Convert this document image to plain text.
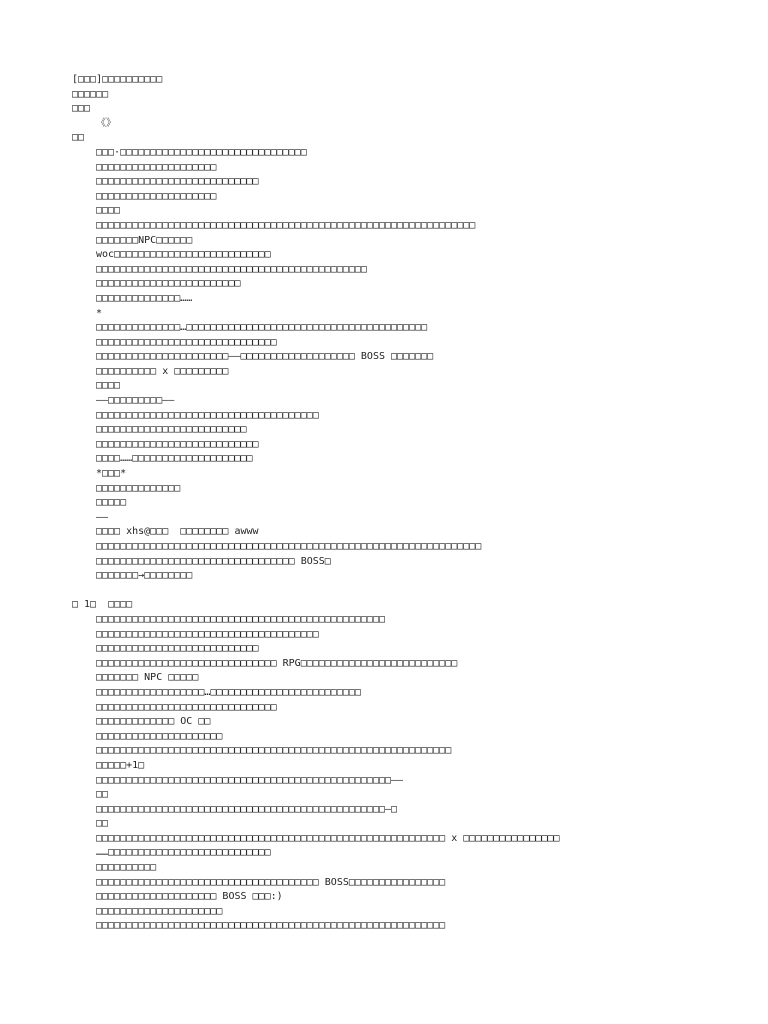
[□□□]□□□□□□□□□□
□□□□□□
□□□
《》
□□
□□□·□□□□□□□□□□□□□□□□□□□□□□□□□□□□□□□
□□□□□□□□□□□□□□□□□□□□
□□□□□□□□□□□□□□□□□□□□□□□□□□□
□□□□□□□□□□□□□□□□□□□□
□□□□
□□□□□□□□□□□□□□□□□□□□□□□□□□□□□□□□□□□□□□□□□□□□□□□□□□□□□□□□□□□□□□□
□□□□□□□NPC□□□□□□
woc□□□□□□□□□□□□□□□□□□□□□□□□□□
□□□□□□□□□□□□□□□□□□□□□□□□□□□□□□□□□□□□□□□□□□□□□
□□□□□□□□□□□□□□□□□□□□□□□□
□□□□□□□□□□□□□□……
*
□□□□□□□□□□□□□□…□□□□□□□□□□□□□□□□□□□□□□□□□□□□□□□□□□□□□□□□
□□□□□□□□□□□□□□□□□□□□□□□□□□□□□□
□□□□□□□□□□□□□□□□□□□□□□——□□□□□□□□□□□□□□□□□□□ BOSS □□□□□□□
□□□□□□□□□□ x □□□□□□□□□
□□□□
——□□□□□□□□□——
□□□□□□□□□□□□□□□□□□□□□□□□□□□□□□□□□□□□□
□□□□□□□□□□□□□□□□□□□□□□□□□
□□□□□□□□□□□□□□□□□□□□□□□□□□□
□□□□……□□□□□□□□□□□□□□□□□□□□
*□□□*
□□□□□□□□□□□□□□
□□□□□
——
□□□□ xhs@□□□  □□□□□□□□ awww
□□□□□□□□□□□□□□□□□□□□□□□□□□□□□□□□□□□□□□□□□□□□□□□□□□□□□□□□□□□□□□□□
□□□□□□□□□□□□□□□□□□□□□□□□□□□□□□□□□ BOSS□
□□□□□□□→□□□□□□□□
□ 1□  □□□□
□□□□□□□□□□□□□□□□□□□□□□□□□□□□□□□□□□□□□□□□□□□□□□□□
□□□□□□□□□□□□□□□□□□□□□□□□□□□□□□□□□□□□□
□□□□□□□□□□□□□□□□□□□□□□□□□□□
□□□□□□□□□□□□□□□□□□□□□□□□□□□□□□ RPG□□□□□□□□□□□□□□□□□□□□□□□□□□
□□□□□□□ NPC □□□□□
□□□□□□□□□□□□□□□□□□…□□□□□□□□□□□□□□□□□□□□□□□□□
□□□□□□□□□□□□□□□□□□□□□□□□□□□□□□
□□□□□□□□□□□□□ OC □□
□□□□□□□□□□□□□□□□□□□□□
□□□□□□□□□□□□□□□□□□□□□□□□□□□□□□□□□□□□□□□□□□□□□□□□□□□□□□□□□□□
□□□□□+1□
□□□□□□□□□□□□□□□□□□□□□□□□□□□□□□□□□□□□□□□□□□□□□□□□□——
□□
□□□□□□□□□□□□□□□□□□□□□□□□□□□□□□□□□□□□□□□□□□□□□□□□—□
□□
□□□□□□□□□□□□□□□□□□□□□□□□□□□□□□□□□□□□□□□□□□□□□□□□□□□□□□□□□□ x □□□□□□□□□□□□□□□□
……□□□□□□□□□□□□□□□□□□□□□□□□□□□
□□□□□□□□□□
□□□□□□□□□□□□□□□□□□□□□□□□□□□□□□□□□□□□□ BOSS□□□□□□□□□□□□□□□□
□□□□□□□□□□□□□□□□□□□□ BOSS □□□:)
□□□□□□□□□□□□□□□□□□□□□
□□□□□□□□□□□□□□□□□□□□□□□□□□□□□□□□□□□□□□□□□□□□□□□□□□□□□□□□□□
